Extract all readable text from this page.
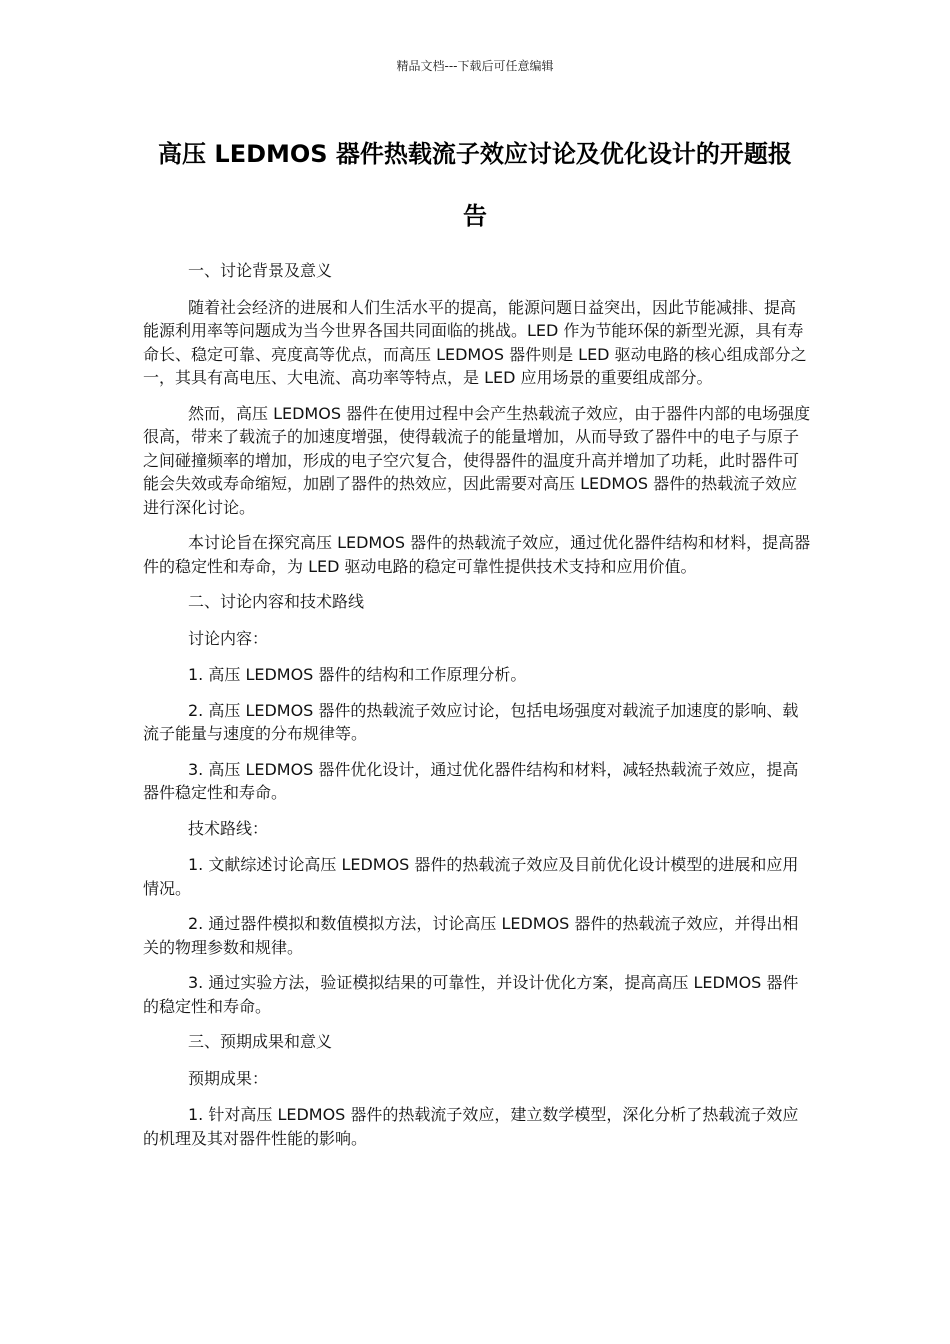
精品文档---下载后可任意编辑
高压 LEDMOS 器件热载流子效应讨论及优化设计的开题报
告

一、讨论背景及意义

随着社会经济的进展和人们生活水平的提高，能源问题日益突出，因此节能减排、提高能源利用率等问题成为当今世界各国共同面临的挑战。LED 作为节能环保的新型光源，具有寿命长、稳定可靠、亮度高等优点，而高压 LEDMOS 器件则是 LED 驱动电路的核心组成部分之一，其具有高电压、大电流、高功率等特点，是 LED 应用场景的重要组成部分。

然而，高压 LEDMOS 器件在使用过程中会产生热载流子效应，由于器件内部的电场强度很高，带来了载流子的加速度增强，使得载流子的能量增加，从而导致了器件中的电子与原子之间碰撞频率的增加，形成的电子空穴复合，使得器件的温度升高并增加了功耗，此时器件可能会失效或寿命缩短，加剧了器件的热效应，因此需要对高压 LEDMOS 器件的热载流子效应进行深化讨论。

本讨论旨在探究高压 LEDMOS 器件的热载流子效应，通过优化器件结构和材料，提高器件的稳定性和寿命，为 LED 驱动电路的稳定可靠性提供技术支持和应用价值。

二、讨论内容和技术路线

讨论内容：

1. 高压 LEDMOS 器件的结构和工作原理分析。

2. 高压 LEDMOS 器件的热载流子效应讨论，包括电场强度对载流子加速度的影响、载流子能量与速度的分布规律等。

3. 高压 LEDMOS 器件优化设计，通过优化器件结构和材料，减轻热载流子效应，提高器件稳定性和寿命。

技术路线：

1. 文献综述讨论高压 LEDMOS 器件的热载流子效应及目前优化设计模型的进展和应用情况。

2. 通过器件模拟和数值模拟方法，讨论高压 LEDMOS 器件的热载流子效应，并得出相关的物理参数和规律。

3. 通过实验方法，验证模拟结果的可靠性，并设计优化方案，提高高压 LEDMOS 器件的稳定性和寿命。

三、预期成果和意义

预期成果：

1. 针对高压 LEDMOS 器件的热载流子效应，建立数学模型，深化分析了热载流子效应的机理及其对器件性能的影响。
